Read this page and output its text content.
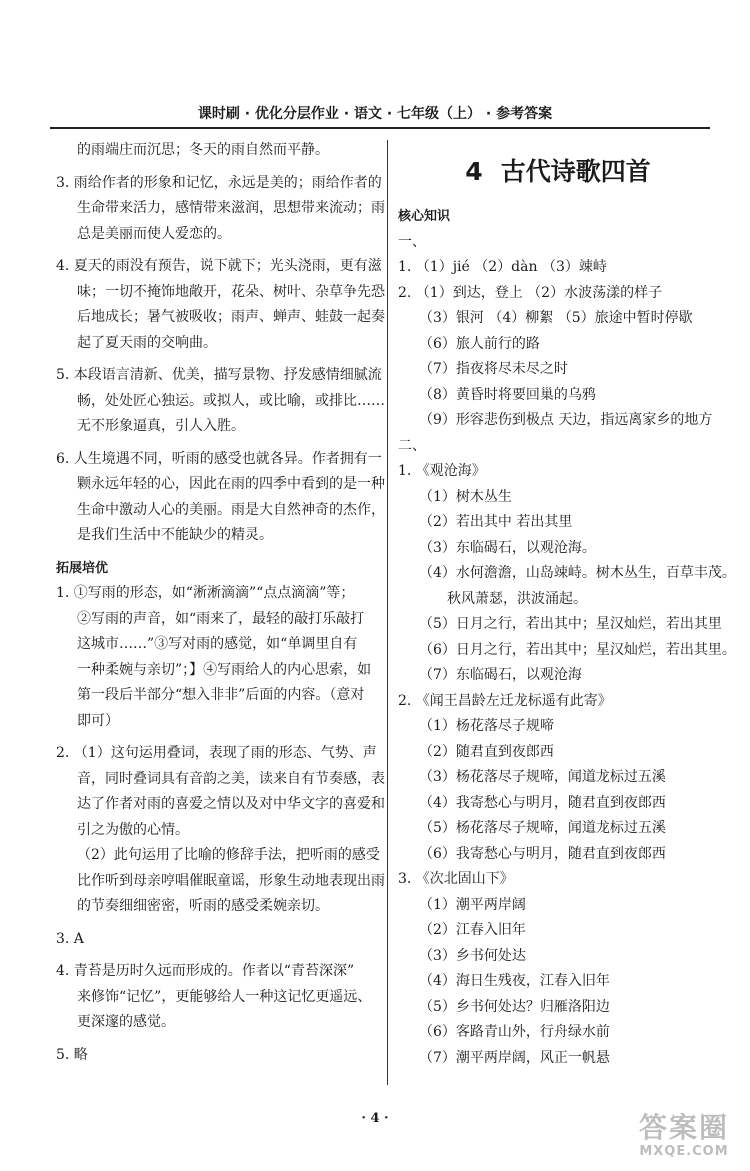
课时刷 · 优化分层作业 · 语文 · 七年级（上） · 参考答案
的雨端庄而沉思；冬天的雨自然而平静。
3. 雨给作者的形象和记忆，永远是美的；雨给作者的
生命带来活力，感情带来滋润，思想带来流动；雨
总是美丽而使人爱恋的。
4. 夏天的雨没有预告，说下就下；光头浇雨，更有滋
味；一切不掩饰地敞开，花朵、树叶、杂草争先恐
后地成长；暑气被吸收；雨声、蝉声、蛙鼓一起奏
起了夏天雨的交响曲。
5. 本段语言清新、优美，描写景物、抒发感情细腻流
畅，处处匠心独运。或拟人，或比喻，或排比……
无不形象逼真，引人入胜。
6. 人生境遇不同，听雨的感受也就各异。作者拥有一
颗永远年轻的心，因此在雨的四季中看到的是一种
生命中激动人心的美丽。雨是大自然神奇的杰作，
是我们生活中不能缺少的精灵。
拓展培优
1. ①写雨的形态，如“淅淅滴滴”“点点滴滴”等；
②写雨的声音，如“雨来了，最轻的敲打乐敲打
这城市……”③写对雨的感觉，如“单调里自有
一种柔婉与亲切”；】④写雨给人的内心思索，如
第一段后半部分“想入非非”后面的内容。（意对
即可）
2. （1）这句运用叠词，表现了雨的形态、气势、声
音，同时叠词具有音韵之美，读来自有节奏感，表
达了作者对雨的喜爱之情以及对中华文字的喜爱和
引之为傲的心情。
（2）此句运用了比喻的修辞手法，把听雨的感受
比作听到母亲哼唱催眠童谣，形象生动地表现出雨
的节奏细细密密，听雨的感受柔婉亲切。
3. A
4. 青苔是历时久远而形成的。作者以“青苔深深”
来修饰“记忆”，更能够给人一种这记忆更遥远、
更深邃的感觉。
5. 略
4 古代诗歌四首
核心知识
一、
1. （1）jié （2）dàn （3）竦峙
2. （1）到达，登上 （2）水波荡漾的样子
（3）银河 （4）柳絮 （5）旅途中暂时停歇
（6）旅人前行的路
（7）指夜将尽未尽之时
（8）黄昏时将要回巢的乌鸦
（9）形容悲伤到极点 天边，指远离家乡的地方
二、
1. 《观沧海》
（1）树木丛生
（2）若出其中 若出其里
（3）东临碣石，以观沧海。
（4）水何澹澹，山岛竦峙。树木丛生，百草丰茂。
秋风萧瑟，洪波涌起。
（5）日月之行，若出其中；星汉灿烂，若出其里
（6）日月之行，若出其中；星汉灿烂，若出其里。
（7）东临碣石，以观沧海
2. 《闻王昌龄左迁龙标遥有此寄》
（1）杨花落尽子规啼
（2）随君直到夜郎西
（3）杨花落尽子规啼，闻道龙标过五溪
（4）我寄愁心与明月，随君直到夜郎西
（5）杨花落尽子规啼，闻道龙标过五溪
（6）我寄愁心与明月，随君直到夜郎西
3. 《次北固山下》
（1）潮平两岸阔
（2）江春入旧年
（3）乡书何处达
（4）海日生残夜，江春入旧年
（5）乡书何处达？归雁洛阳边
（6）客路青山外，行舟绿水前
（7）潮平两岸阔，风正一帆悬
· 4 ·	答案圈
MXQE.COM
